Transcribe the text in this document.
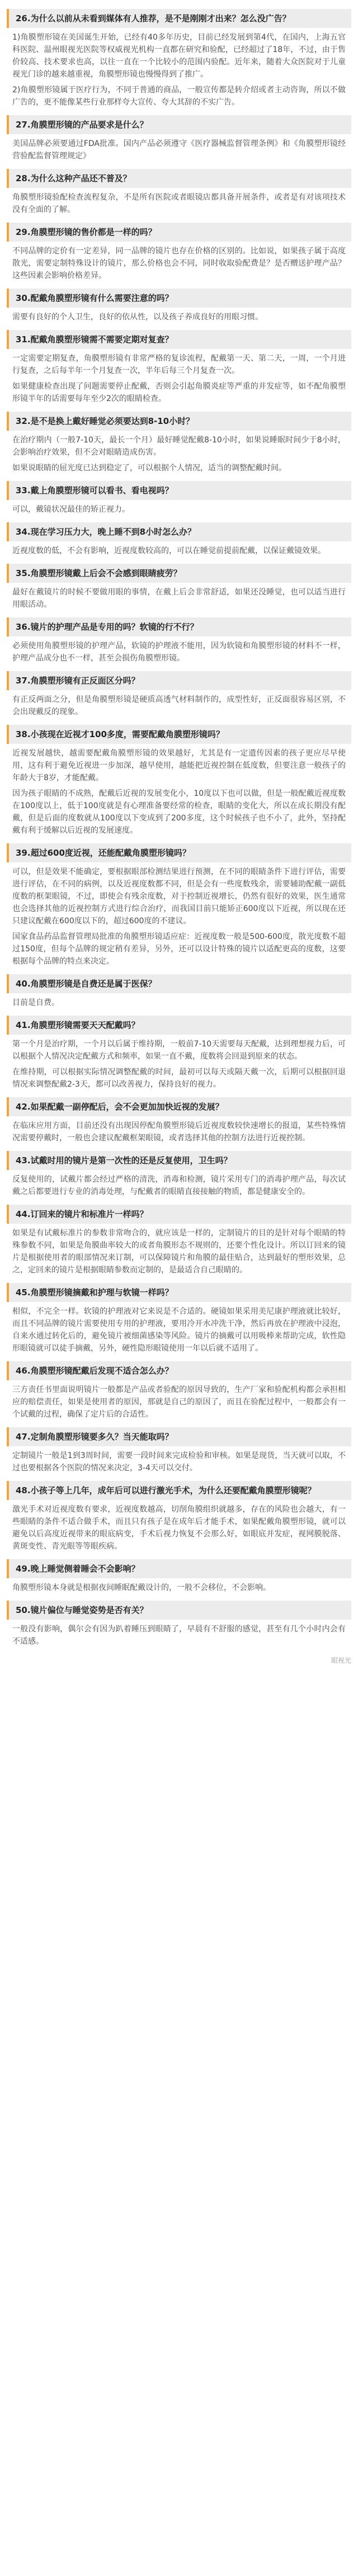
26.为什么以前从未看到媒体有人推荐，是不是刚刚才出来？怎么没广告？

1)角膜塑形镜在美国诞生开始，已经有40多年历史，目前已经发展到第4代，在国内，上海五官科医院、温州眼视光医院等权威视光机构一直都在研究和验配，已经超过了18年，不过，由于售价较高、技术要求也高，以往一直在一个比较小的范围内验配。近年来，随着大众医院对于儿童视光门诊的越来越重视，角膜塑形镜也慢慢得到了推广。

2)角膜塑形镜属于医疗行为，不同于普通的商品，一般宣传都是转介绍或者主动咨询，所以不做广告的，更不能像某些行业那样夸大宣传、夸大其辞的不实广告。

27.角膜塑形镜的产品要求是什么？

美国品牌必须要通过FDA批准。国内产品必须遵守《医疗器械监督管理条例》和《角膜塑形镜经营验配监督管理规定》

28.为什么这种产品还不普及？

角膜塑形镜验配检查流程复杂，不是所有医院或者眼镜店都具备开展条件，或者是有对该项技术没有全面的了解。

29.角膜塑形镜的售价都是一样的吗？

不同品牌的定价有一定差异，同一品牌的镜片也存在价格的区别的。比如说，如果孩子属于高度散光，需要定制特殊设计的镜片，那么价格也会不同，同时收取验配费是？是否赠送护理产品？这些因素会影响价格差异。

30.配戴角膜塑形镜有什么需要注意的吗？

需要有良好的个人卫生，良好的依从性，以及孩子养成良好的用眼习惯。

31.配戴角膜塑形镜需不需要定期对复查？

一定需要定期复查，角膜塑形镜有非常严格的复诊流程，配戴第一天、第二天，一周，一个月进行复查，之后每半年一个月复查一次，半年后每三个月复查一次。

如果健康检查出现了问题需要停止配戴，否则会引起角膜炎症等严重的并发症等，如不配角膜塑形镜半年的话需要每年至少2次的眼睛检查。

32.是不是换上戴好睡觉必须要达到8-10小时？

在治疗期内（一般7-10天，最长一个月）最好睡觉配戴8-10小时，如果说睡眠时间少于8小时，会影响治疗效果，但不会对眼睛造成伤害。

如果说眼睛的屈光度已达到稳定了，可以根据个人情况，适当的调整配戴时间。

33.戴上角膜塑形镜可以看书、看电视吗？

可以，戴镜状况最佳的矫正视力。

34.现在学习压力大，晚上睡不到8小时怎么办？

近视度数的低，不会有影响，近视度数较高的，可以在睡觉前提前配戴，以保证戴镜效果。

35.角膜塑形镜戴上后会不会感到眼睛疲劳？

最好在戴镜片的时候不要做用眼的事情，在戴上后会非常舒适，如果还没睡觉，也可以适当进行用眼活动。

36.镜片的护理产品是专用的吗？软镜的行不行？

必须使用角膜塑形镜的护理产品，软镜的护理液不能用，因为软镜和角膜塑形镜的材料不一样，护理产品成分也不一样，甚至会损伤角膜塑形镜。

37.角膜塑形镜有正反面区分吗？

有正反两面之分，但是角膜塑形镜是硬质高透气材料制作的，成型性好，正反面很容易区别，不会出现戴反的现象。

38.小孩现在近视才100多度，需要配戴角膜塑形镜吗？

近视发展越快，越需要配戴角膜塑形镜的效果越好，尤其是有一定遗传因素的孩子更应尽早使用，这有利于避免近视进一步加深，越早使用，越能把近视控制在低度数，但要注意一般孩子的年龄大于8岁，才能配戴。

因为孩子眼睛的不成熟，配戴后近视的发展变化小，10度以下也可以做，但是一般配戴近视度数在100度以上，低于100度就是有心理准备要经常的检查，眼睛的变化大，所以在成长期没有配戴，但是后面的度数就从100度以下变成到了200多度，这个时候孩子也不小了，此外，坚持配戴有利于缓解以后近视的发展速度。

39.超过600度近视，还能配戴角膜塑形镜吗？

可以，但是效果不能确定，要根据眼部检测结果进行预测，在不同的眼睛条件下进行评估，需要进行评估，在不同的病例，以及近视度数都不同，但是会有一些度数残余，需要辅助配戴一副低度数的框架眼镜，不过，即使会有残余度数，对于控制近视增长，仍然有很好的效果，医生通常也会选择其他的近视控制方式进行综合治疗，而我国目前只能矫正600度以下近视，所以现在还只建议配戴在600度以下的，超过600度的不建议。

国家食品药品监督管理局批准的角膜塑形镜适应症：近视度数一般是500-600度，散光度数不超过150度，但每个品牌的规定稍有差异，另外，还可以设计特殊的镜片以适配更高的度数，这要根据每个品牌的特点来决定。

40.角膜塑形镜是自费还是属于医保？

目前是自费。

41.角膜塑形镜需要天天配戴吗？

第一个月是治疗期，一个月以后属于维持期，一般前7-10天需要每天配戴，达到理想视力后，可以根据个人情况决定配戴方式和频率，如果一直不戴，度数将会回退到原来的状态。

在维持期，可以根据实际情况调整配戴的时间，最初可以每天或隔天戴一次，后期可以根据回退情况来调整配戴2-3天，都可以改善视力，保持良好的视力。

42.如果配戴一副停配后，会不会更加加快近视的发展？

在临床应用方面，目前还没有出现因停配角膜塑形镜后近视度数较快速增长的报道，某些特殊情况需要停戴时，一般也会建议配戴框架眼镜，或者选择其他的控制方法进行近视控制。

43.试戴时用的镜片是第一次性的还是反复使用，卫生吗？

反复使用的，试戴片都会经过严格的清洗，消毒和检测，镜片采用专门的消毒护理产品，每次试戴之后都要进行专业的消毒处理，与配戴者的眼睛直接接触的物质，都是健康安全的。

44.订回来的镜片和标准片一样吗？

如果是有试戴标准片的参数非常吻合的，就应该是一样的，定制镜片的目的是针对每个眼睛的特殊参数不同，如果是角膜曲率较大的或者角膜形态不规则的，还要个性化设计。所以订回来的镜片是根据使用者的眼部情况来订制，可以保障镜片和角膜的最佳贴合，达到最好的塑形效果，总之，定回来的镜片是根据眼睛参数而定制的，是最适合自己眼睛的。

45.角膜塑形镜摘戴和护理与软镜一样吗？

相似，不完全一样。软镜的护理液对它来说是不合适的。硬镜如果采用美尼康护理液就比较好，而且不同品牌的镜片需要使用专用的护理液，要用冷开水冲洗干净，然后再放在护理液中浸泡，自来水通过转化后的，避免镜片被细菌感染等风险。镜片的摘戴可以用吸棒来帮助完成，软性隐形眼镜就可以徒手摘戴，另外，硬性隐形眼镜使用一年以后就不适用了。

46.角膜塑形镜配戴后发现不适合怎么办？

三方责任书里面说明镜片一般都是产品或者验配的原因导致的，生产厂家和验配机构都会承担相应的赔偿责任，如果是使用者的原因，那就是自己的原因了，而且在验配过程中，一般都会有一个试戴的过程，确保了定片后的合适性。

47.定制角膜塑形镜要多久？当天能取吗？

定制镜片一般是1到3周时间，需要一段时间来完成检验和审核。如果是现货，当天就可以取，不过也要根据各个医院的情况来决定，3-4天可以交付。

48.小孩子等上几年，成年后可以进行激光手术，为什么还要配戴角膜塑形镜呢？

激光手术对近视度数有要求，近视度数越高，切削角膜组织就越多，存在的风险也会越大，有一些眼睛的条件不适合做手术，而且只有孩子是在成年后才能手术，如果配戴角膜塑形镜，就可以避免以后高度近视带来的眼底病变，手术后视力恢复不会那么好，如眼底并发症，视网膜脱落、黄斑变性、青光眼等等眼疾病。

49.晚上睡觉侧着睡会不会影响？

角膜塑形镜本身就是根据夜间睡眠配戴设计的，一般不会移位，不会影响。

50.镜片偏位与睡觉姿势是否有关？

一般没有影响，偶尔会有因为趴着睡压到眼睛了，早晨有不舒服的感觉，甚至有几个小时内会有不适感。

眼视光
